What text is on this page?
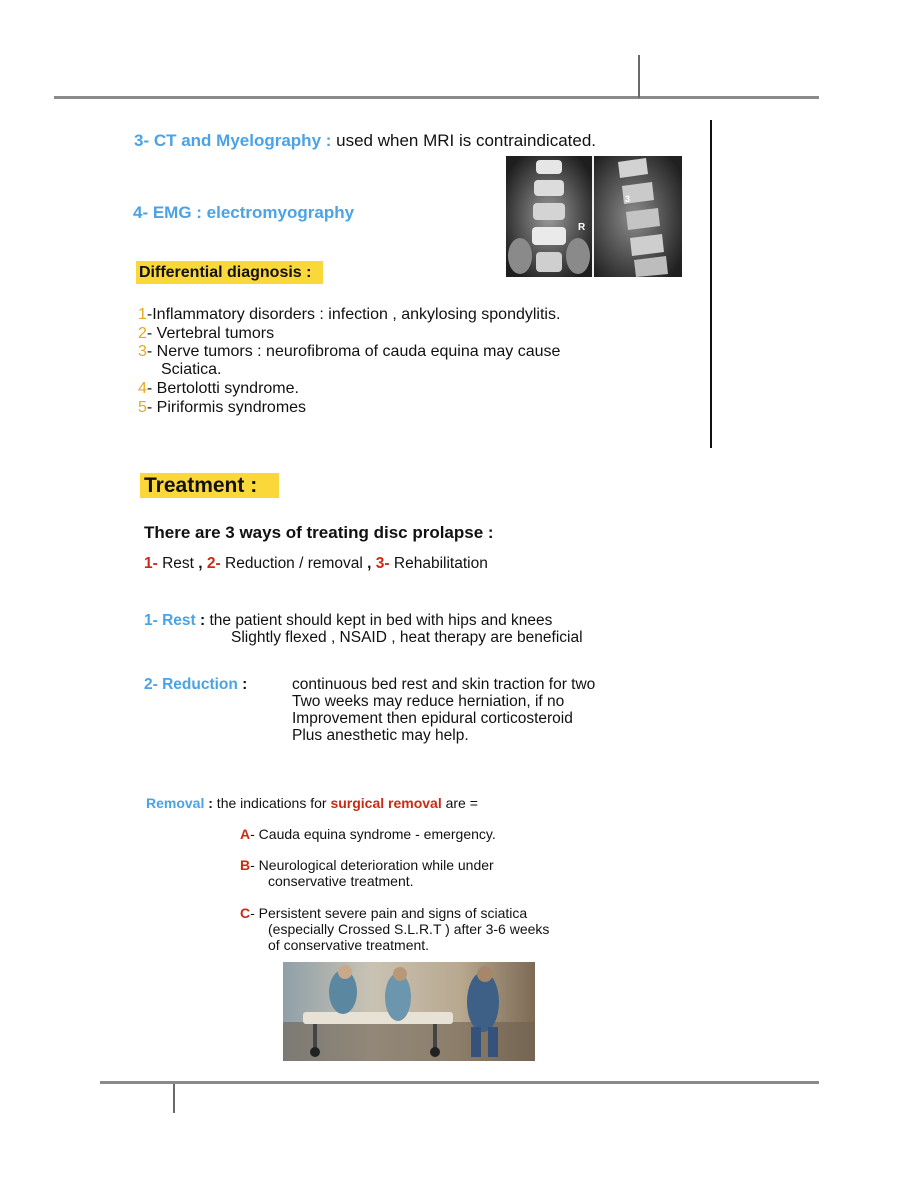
3- CT and Myelography : used when MRI is contraindicated.
4- EMG : electromyography
R
3
Differential diagnosis :
1-Inflammatory disorders : infection , ankylosing spondylitis.
2- Vertebral tumors
3- Nerve tumors : neurofibroma of cauda equina may cause
Sciatica.
4- Bertolotti syndrome.
5- Piriformis syndromes
Treatment :
There are 3 ways of treating disc prolapse :
1- Rest , 2- Reduction / removal , 3- Rehabilitation
1- Rest : the patient should kept in bed with hips and knees
Slightly flexed , NSAID , heat therapy are beneficial
2- Reduction :	continuous bed rest and skin traction for two
Two weeks may reduce herniation, if no
Improvement then epidural corticosteroid
Plus anesthetic may help.
Removal : the indications for surgical removal are =
A- Cauda equina syndrome - emergency.
B- Neurological deterioration while under
conservative treatment.
C- Persistent severe pain and signs of sciatica
(especially Crossed S.L.R.T ) after 3-6 weeks
of conservative treatment.
